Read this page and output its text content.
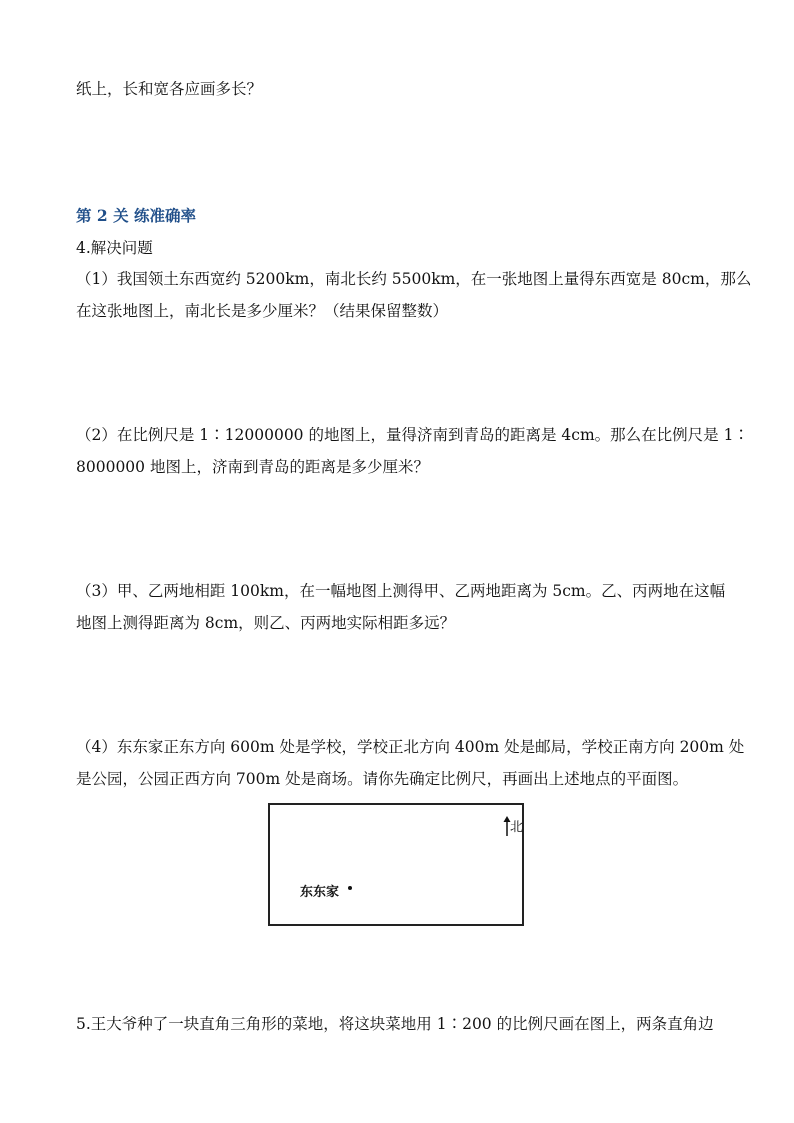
纸上，长和宽各应画多长？
第 2 关 练准确率
4.解决问题
（1）我国领土东西宽约 5200km，南北长约 5500km，在一张地图上量得东西宽是 80cm，那么
在这张地图上，南北长是多少厘米？（结果保留整数）
（2）在比例尺是 1∶12000000 的地图上，量得济南到青岛的距离是 4cm。那么在比例尺是 1∶
8000000 地图上，济南到青岛的距离是多少厘米？
（3）甲、乙两地相距 100km，在一幅地图上测得甲、乙两地距离为 5cm。乙、丙两地在这幅
地图上测得距离为 8cm，则乙、丙两地实际相距多远？
（4）东东家正东方向 600m 处是学校，学校正北方向 400m 处是邮局，学校正南方向 200m 处
是公园，公园正西方向 700m 处是商场。请你先确定比例尺，再画出上述地点的平面图。
北
东东家
5.王大爷种了一块直角三角形的菜地，将这块菜地用 1∶200 的比例尺画在图上，两条直角边
